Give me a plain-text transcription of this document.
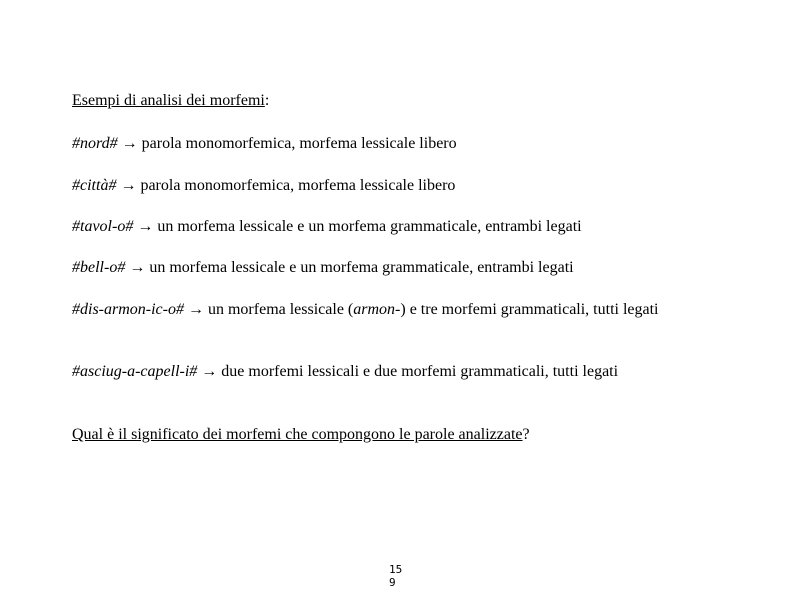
Esempi di analisi dei morfemi:
#nord# → parola monomorfemica, morfema lessicale libero
#città# → parola monomorfemica, morfema lessicale libero
#tavol-o# → un morfema lessicale e un morfema grammaticale, entrambi legati
#bell-o# → un morfema lessicale e un morfema grammaticale, entrambi legati
#dis-armon-ic-o# → un morfema lessicale (armon-) e tre morfemi grammaticali, tutti legati
#asciug-a-capell-i# → due morfemi lessicali e due morfemi grammaticali, tutti legati
Qual è il significato dei morfemi che compongono le parole analizzate?
15
9
